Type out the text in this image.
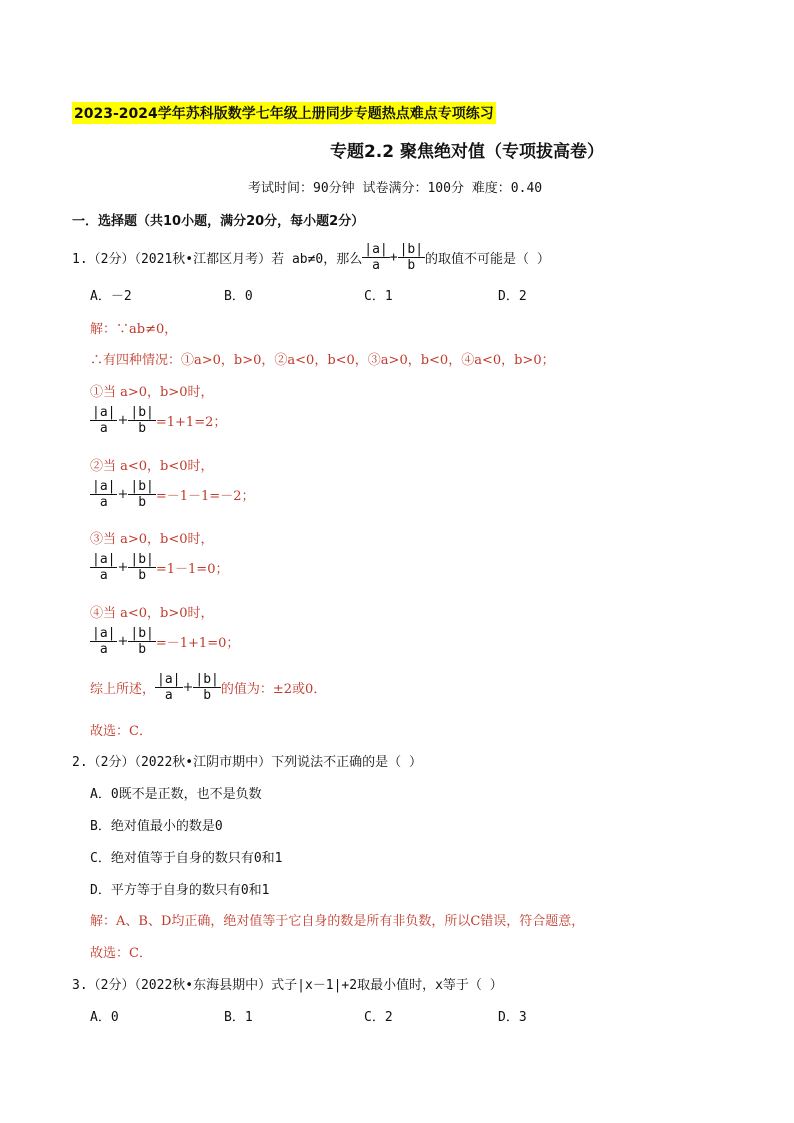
2023-2024学年苏科版数学七年级上册同步专题热点难点专项练习
专题2.2 聚焦绝对值（专项拔高卷）
考试时间：90分钟 试卷满分：100分 难度：0.40
一．选择题（共10小题，满分20分，每小题2分）
1.（2分）（2021秋•江都区月考）若 ab≠0，那么 $\frac{|a|}{a} + \frac{|b|}{b}$ 的取值不可能是（ ）
A．－2	B．0	C．1	D．2
解：∵ab≠0，
∴有四种情况：①a>0，b>0，②a<0，b<0，③a>0，b<0，④a<0，b>0；
①当 a>0，b>0时，
$\frac{|a|}{a} + \frac{|b|}{b} =1+1=2$；
②当 a<0，b<0时，
$\frac{|a|}{a} + \frac{|b|}{b} =-1-1=-2$；
③当 a>0，b<0时，
$\frac{|a|}{a} + \frac{|b|}{b} =1-1=0$；
④当 a<0，b>0时，
$\frac{|a|}{a} + \frac{|b|}{b} =-1+1=0$；
综上所述， $\frac{|a|}{a} + \frac{|b|}{b}$ 的值为：±2或0．
故选：C．
2.（2分）（2022秋•江阴市期中）下列说法不正确的是（ ）
A．0既不是正数，也不是负数
B．绝对值最小的数是0
C．绝对值等于自身的数只有0和1
D．平方等于自身的数只有0和1
解：A、B、D均正确，绝对值等于它自身的数是所有非负数，所以C错误，符合题意，
故选：C．
3.（2分）（2022秋•东海县期中）式子|x－1|+2取最小值时，x等于（ ）
A．0	B．1	C．2	D．3
